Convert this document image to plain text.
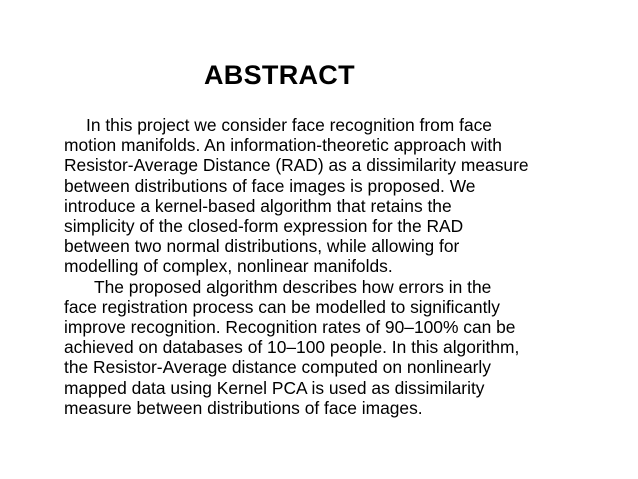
ABSTRACT
In this project we consider face recognition from face
motion manifolds. An information-theoretic approach with
Resistor-Average Distance (RAD) as a dissimilarity measure
between distributions of face images is proposed. We
introduce a kernel-based algorithm that retains the
simplicity of the closed-form expression for the RAD
between two normal distributions, while allowing for
modelling of complex, nonlinear manifolds.
The proposed algorithm describes how errors in the
face registration process can be modelled to significantly
improve recognition. Recognition rates of 90–100% can be
achieved on databases of 10–100 people. In this algorithm,
the Resistor-Average distance computed on nonlinearly
mapped data using Kernel PCA is used as dissimilarity
measure between distributions of face images.
